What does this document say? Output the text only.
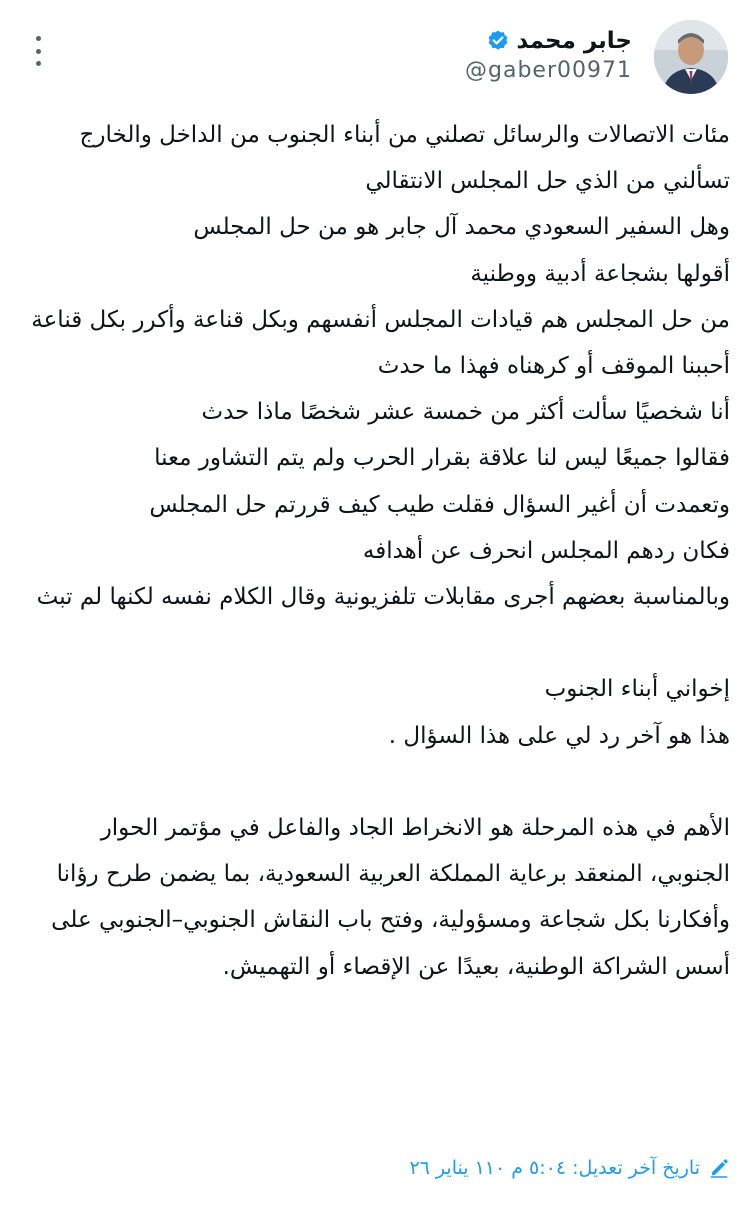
جابر محمد
@gaber00971

مئات الاتصالات والرسائل تصلني من أبناء الجنوب من الداخل والخارج

تسألني من الذي حل المجلس الانتقالي

وهل السفير السعودي محمد آل جابر هو من حل المجلس

أقولها بشجاعة أدبية ووطنية

من حل المجلس هم قيادات المجلس أنفسهم وبكل قناعة وأكرر بكل قناعة

أحببنا الموقف أو كرهناه فهذا ما حدث

أنا شخصيًا سألت أكثر من خمسة عشر شخصًا ماذا حدث

فقالوا جميعًا ليس لنا علاقة بقرار الحرب ولم يتم التشاور معنا

وتعمدت أن أغير السؤال فقلت طيب كيف قررتم حل المجلس

فكان ردهم المجلس انحرف عن أهدافه

وبالمناسبة بعضهم أجرى مقابلات تلفزيونية وقال الكلام نفسه لكنها لم تبث

إخواني أبناء الجنوب

هذا هو آخر رد لي على هذا السؤال .

الأهم في هذه المرحلة هو الانخراط الجاد والفاعل في مؤتمر الحوار الجنوبي، المنعقد برعاية المملكة العربية السعودية، بما يضمن طرح رؤانا وأفكارنا بكل شجاعة ومسؤولية، وفتح باب النقاش الجنوبي–الجنوبي على أسس الشراكة الوطنية، بعيدًا عن الإقصاء أو التهميش.

تاريخ آخر تعديل: ٥:٠٤ م ١١٠ يناير ٢٦
